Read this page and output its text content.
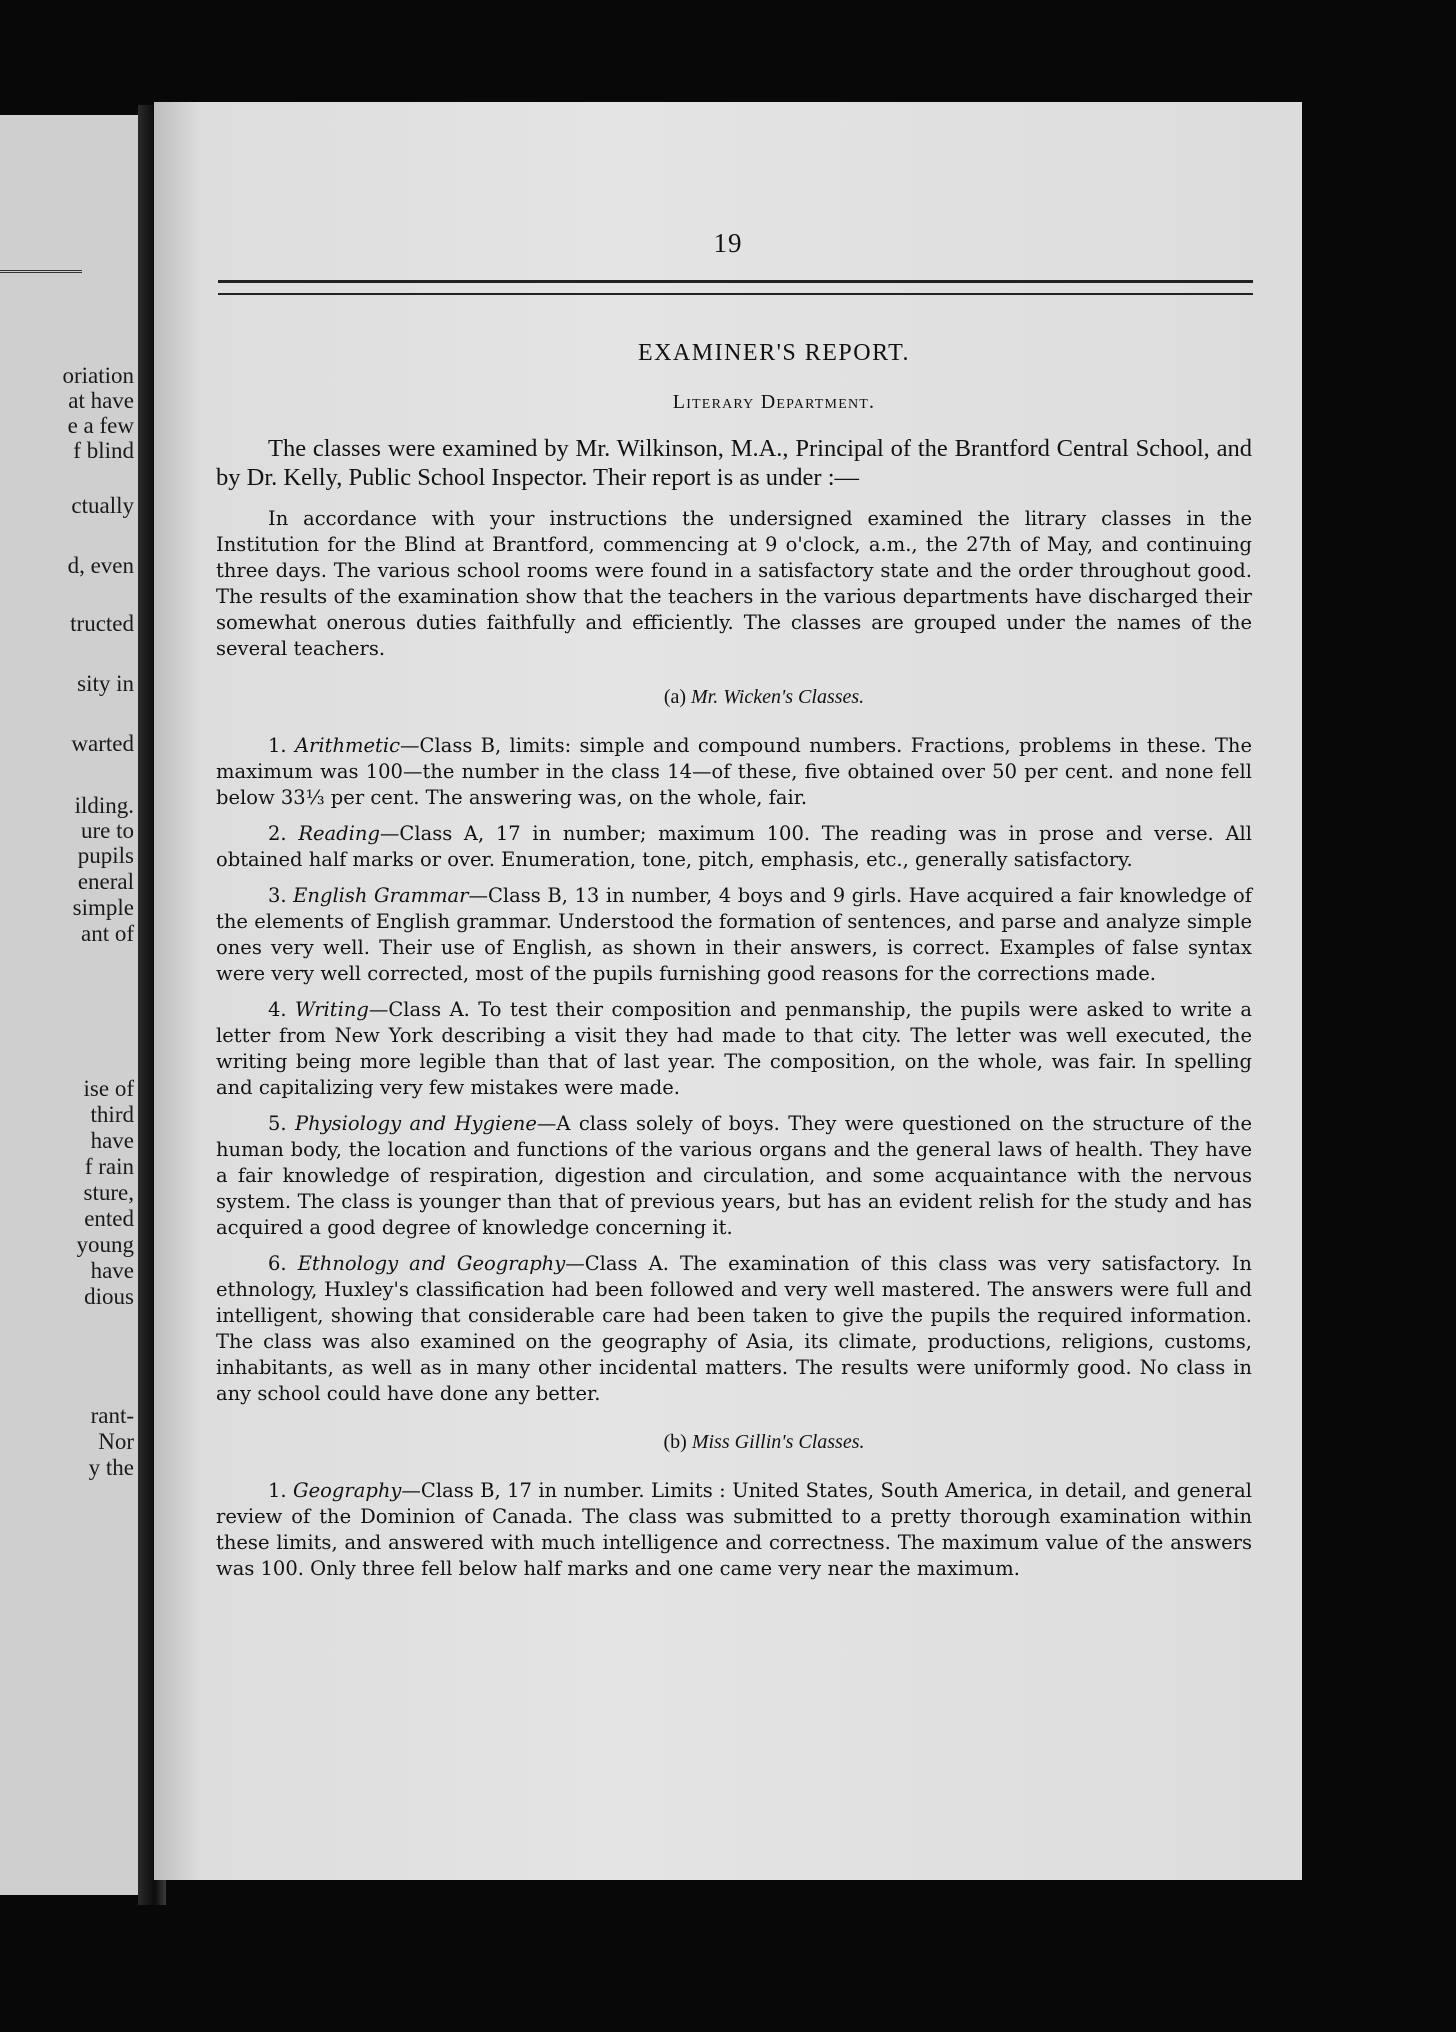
oriation
at have
e a few
f blind
ctually
d, even
tructed
sity in
warted
ilding.
ure to
pupils
eneral
simple
ant of
ise of
third
have
f rain
sture,
ented
young
have
dious
rant-
Nor
y the
19
EXAMINER'S REPORT.
Literary Department.

The classes were examined by Mr. Wilkinson, M.A., Principal of the Brantford Central School, and by Dr. Kelly, Public School Inspector. Their report is as under :—

In accordance with your instructions the undersigned examined the litrary classes in the Institution for the Blind at Brantford, commencing at 9 o'clock, a.m., the 27th of May, and continuing three days. The various school rooms were found in a satisfactory state and the order throughout good. The results of the examination show that the teachers in the various departments have discharged their somewhat onerous duties faithfully and efficiently. The classes are grouped under the names of the several teachers.

(a) Mr. Wicken's Classes.

1. Arithmetic—Class B, limits: simple and compound numbers. Fractions, problems in these. The maximum was 100—the number in the class 14—of these, five obtained over 50 per cent. and none fell below 33⅓ per cent. The answering was, on the whole, fair.

2. Reading—Class A, 17 in number; maximum 100. The reading was in prose and verse. All obtained half marks or over. Enumeration, tone, pitch, emphasis, etc., generally satisfactory.

3. English Grammar—Class B, 13 in number, 4 boys and 9 girls. Have acquired a fair knowledge of the elements of English grammar. Understood the formation of sentences, and parse and analyze simple ones very well. Their use of English, as shown in their answers, is correct. Examples of false syntax were very well corrected, most of the pupils furnishing good reasons for the corrections made.

4. Writing—Class A. To test their composition and penmanship, the pupils were asked to write a letter from New York describing a visit they had made to that city. The letter was well executed, the writing being more legible than that of last year. The composition, on the whole, was fair. In spelling and capitalizing very few mistakes were made.

5. Physiology and Hygiene—A class solely of boys. They were questioned on the structure of the human body, the location and functions of the various organs and the general laws of health. They have a fair knowledge of respiration, digestion and circulation, and some acquaintance with the nervous system. The class is younger than that of previous years, but has an evident relish for the study and has acquired a good degree of knowledge concerning it.

6. Ethnology and Geography—Class A. The examination of this class was very satisfactory. In ethnology, Huxley's classification had been followed and very well mastered. The answers were full and intelligent, showing that considerable care had been taken to give the pupils the required information. The class was also examined on the geography of Asia, its climate, productions, religions, customs, inhabitants, as well as in many other incidental matters. The results were uniformly good. No class in any school could have done any better.

(b) Miss Gillin's Classes.

1. Geography—Class B, 17 in number. Limits : United States, South America, in detail, and general review of the Dominion of Canada. The class was submitted to a pretty thorough examination within these limits, and answered with much intelligence and correctness. The maximum value of the answers was 100. Only three fell below half marks and one came very near the maximum.
